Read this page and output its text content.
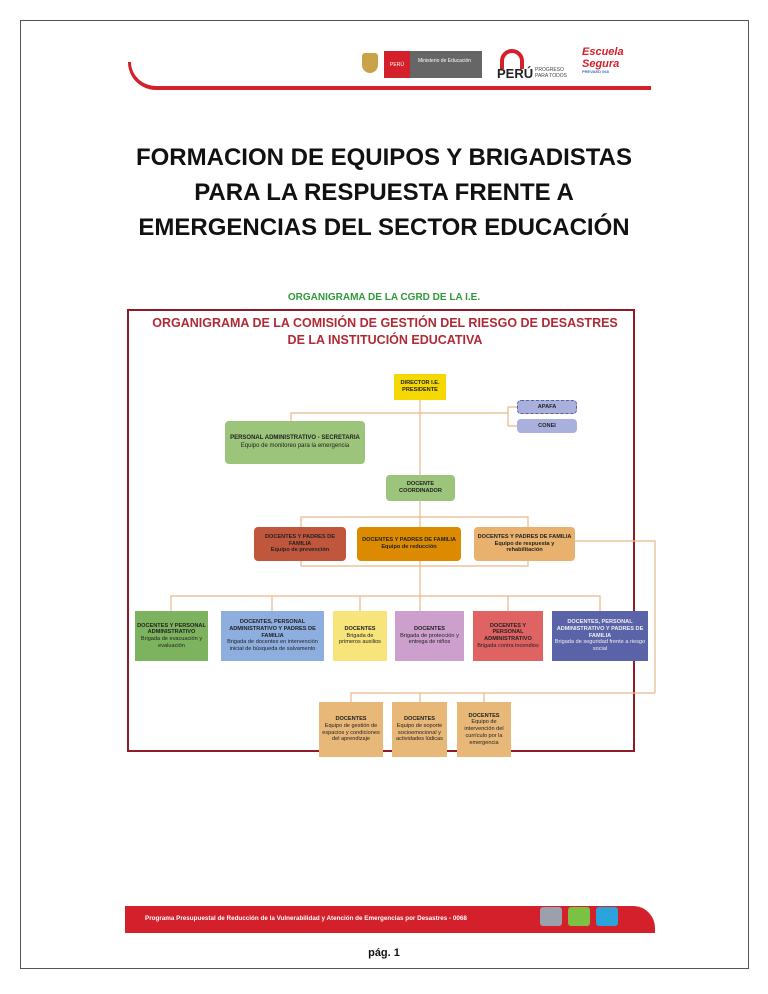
PERÚ
Ministerio de Educación
PERÚ PROGRESO PARA TODOS
Escuela Segura
PREVAED 068
FORMACION DE EQUIPOS Y BRIGADISTAS
PARA LA RESPUESTA FRENTE A
EMERGENCIAS DEL SECTOR EDUCACIÓN
ORGANIGRAMA DE LA CGRD DE LA I.E.
ORGANIGRAMA DE LA COMISIÓN DE GESTIÓN DEL RIESGO DE DESASTRES
DE LA INSTITUCIÓN EDUCATIVA
DIRECTOR I.E.
PRESIDENTE
APAFA
CONEI
PERSONAL ADMINISTRATIVO - SECRETARIA
Equipo de monitoreo para la emergencia
DOCENTE
COORDINADOR
DOCENTES Y PADRES DE FAMILIA
Equipo de prevención
DOCENTES Y PADRES DE FAMILIA
Equipo de reducción
DOCENTES Y PADRES DE FAMILIA
Equipo de respuesta y rehabilitación
DOCENTES Y PERSONAL ADMINISTRATIVO
Brigada de evacuación y evaluación
DOCENTES, PERSONAL ADMINISTRATIVO Y PADRES DE FAMILIA
Brigada de docentes en intervención inicial de búsqueda de salvamento
DOCENTES
Brigada de primeros auxilios
DOCENTES
Brigada de protección y entrega de niños
DOCENTES Y PERSONAL ADMINISTRATIVO
Brigada contra incendios
DOCENTES, PERSONAL ADMINISTRATIVO Y PADRES DE FAMILIA
Brigada de seguridad frente a riesgo social
DOCENTES
Equipo de gestión de espacios y condiciones del aprendizaje
DOCENTES
Equipo de soporte socioemocional y actividades lúdicas
DOCENTES
Equipo de intervención del currículo por la emergencia
Programa Presupuestal de Reducción de la Vulnerabilidad y Atención de Emergencias por Desastres - 0068
pág. 1
